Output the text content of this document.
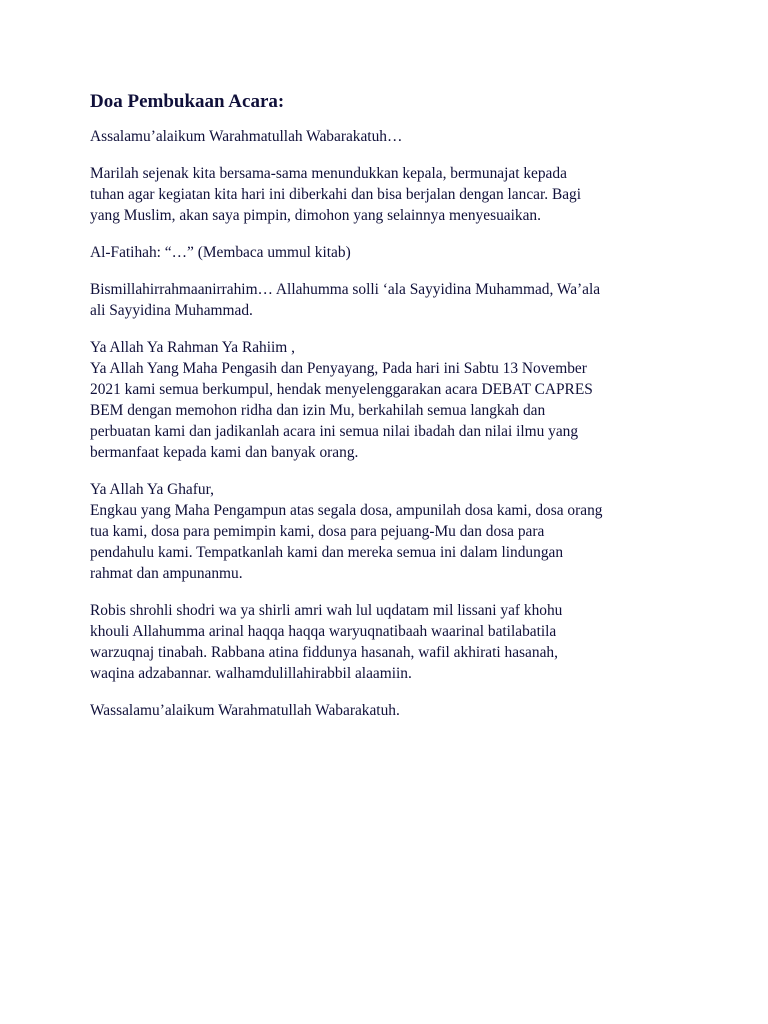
Doa Pembukaan Acara:
Assalamu’alaikum Warahmatullah Wabarakatuh…
Marilah sejenak kita bersama-sama menundukkan kepala, bermunajat kepada
tuhan agar kegiatan kita hari ini diberkahi dan bisa berjalan dengan lancar. Bagi
yang Muslim, akan saya pimpin, dimohon yang selainnya menyesuaikan.
Al-Fatihah: “…” (Membaca ummul kitab)
Bismillahirrahmaanirrahim… Allahumma solli ‘ala Sayyidina Muhammad, Wa’ala
ali Sayyidina Muhammad.
Ya Allah Ya Rahman Ya Rahiim ,
Ya Allah Yang Maha Pengasih dan Penyayang, Pada hari ini Sabtu 13 November
2021 kami semua berkumpul, hendak menyelenggarakan acara DEBAT CAPRES
BEM dengan memohon ridha dan izin Mu, berkahilah semua langkah dan
perbuatan kami dan jadikanlah acara ini semua nilai ibadah dan nilai ilmu yang
bermanfaat kepada kami dan banyak orang.
Ya Allah Ya Ghafur,
Engkau yang Maha Pengampun atas segala dosa, ampunilah dosa kami, dosa orang
tua kami, dosa para pemimpin kami, dosa para pejuang-Mu dan dosa para
pendahulu kami. Tempatkanlah kami dan mereka semua ini dalam lindungan
rahmat dan ampunanmu.
Robis shrohli shodri wa ya shirli amri wah lul uqdatam mil lissani yaf khohu
khouli Allahumma arinal haqqa haqqa waryuqnatibaah waarinal batilabatila
warzuqnaj tinabah. Rabbana atina fiddunya hasanah, wafil akhirati hasanah,
waqina adzabannar. walhamdulillahirabbil alaamiin.
Wassalamu’alaikum Warahmatullah Wabarakatuh.
